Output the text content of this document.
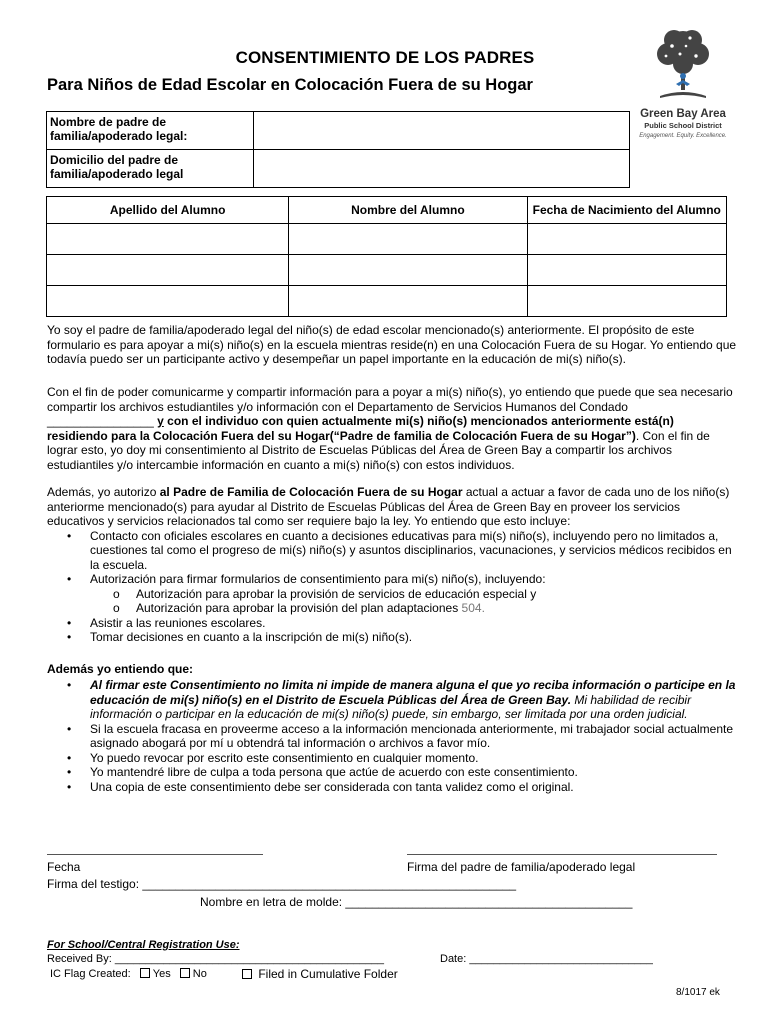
CONSENTIMIENTO DE LOS PADRES
Para Niños de Edad Escolar en Colocación Fuera de su Hogar
Green Bay Area
Public School District
Engagement. Equity. Excellence.
Nombre de padre de familia/apoderado legal:	
Domicilio del padre de familia/apoderado legal	
Apellido del Alumno	Nombre del Alumno	Fecha de Nacimiento del Alumno

Yo soy el padre de familia/apoderado legal del niño(s) de edad escolar mencionado(s) anteriormente. El propósito de este formulario es para apoyar a mi(s) niño(s) en la escuela mientras reside(n) en una Colocación Fuera de su Hogar. Yo entiendo que todavía puedo ser un participante activo y desempeñar un papel importante en la educación de mi(s) niño(s).
Con el fin de poder comunicarme y compartir información para a poyar a mi(s) niño(s), yo entiendo que puede que sea necesario compartir los archivos estudiantiles y/o información con el Departamento de Servicios Humanos del Condado ________________ y con el individuo con quien actualmente mi(s) niño(s) mencionados anteriormente está(n) residiendo para la Colocación Fuera del su Hogar(“Padre de familia de Colocación Fuera de su Hogar”). Con el fin de lograr esto, yo doy mi consentimiento al Distrito de Escuelas Públicas del Área de Green Bay a compartir los archivos estudiantiles y/o intercambie información en cuanto a mi(s) niño(s) con estos individuos.
Además, yo autorizo al Padre de Familia de Colocación Fuera de su Hogar actual a actuar a favor de cada uno de los niño(s) anteriorme mencionado(s) para ayudar al Distrito de Escuelas Públicas del Área de Green Bay en proveer los servicios educativos y servicios relacionados tal como ser requiere bajo la ley. Yo entiendo que esto incluye:
• Contacto con oficiales escolares en cuanto a decisiones educativas para mi(s) niño(s), incluyendo pero no limitados a, cuestiones tal como el progreso de mi(s) niño(s) y asuntos disciplinarios, vacunaciones, y servicios médicos recibidos en la escuela.
• Autorización para firmar formularios de consentimiento para mi(s) niño(s), incluyendo:
o Autorización para aprobar la provisión de servicios de educación especial y
o Autorización para aprobar la provisión del plan adaptaciones 504.
• Asistir a las reuniones escolares.
• Tomar decisiones en cuanto a la inscripción de mi(s) niño(s).
Además yo entiendo que:
• Al firmar este Consentimiento no limita ni impide de manera alguna el que yo reciba información o participe en la educación de mi(s) niño(s) en el Distrito de Escuela Públicas del Área de Green Bay. Mi habilidad de recibir información o participar en la educación de mi(s) niño(s) puede, sin embargo, ser limitada por una orden judicial.
• Si la escuela fracasa en proveerme acceso a la información mencionada anteriormente, mi trabajador social actualmente asignado abogará por mí u obtendrá tal información o archivos a favor mío.
• Yo puedo revocar por escrito este consentimiento en cualquier momento.
• Yo mantendré libre de culpa a toda persona que actúe de acuerdo con este consentimiento.
• Una copia de este consentimiento debe ser considerada con tanta validez como el original.
Fecha	Firma del padre de familia/apoderado legal
Firma del testigo: ________________________________________________________
Nombre en letra de molde: ___________________________________________
For School/Central Registration Use:
Received By: ____________________________________________	Date: ______________________________
IC Flag Created: Yes No	Filed in Cumulative Folder
8/1017 ek
